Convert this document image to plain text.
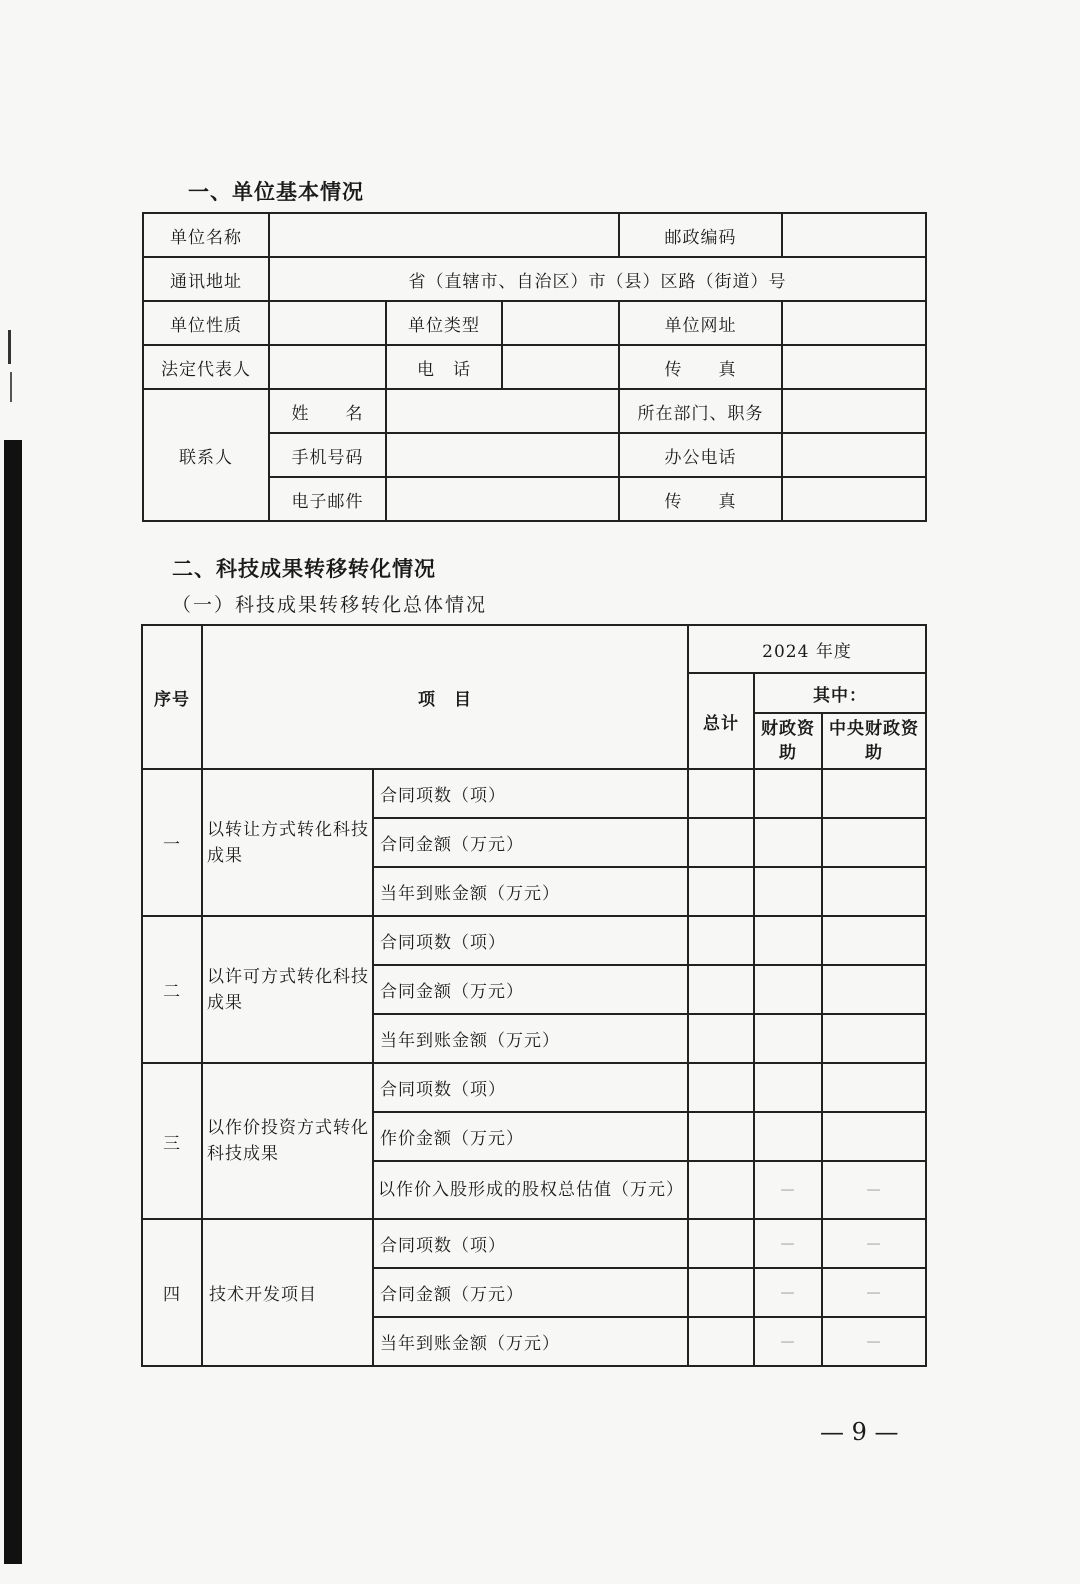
一、单位基本情况
单位名称				邮政编码	
通讯地址	省（直辖市、自治区）市（县）区路（街道）号				
单位性质		单位类型		单位网址	
法定代表人		电　话		传　　真	
联系人	姓　　名			所在部门、职务	
	手机号码			办公电话	
	电子邮件			传　　真	
二、科技成果转移转化情况
（一）科技成果转移转化总体情况
序号	项　目		2024 年度		
			总计	其中：	
				财政资助	中央财政资助
一	以转让方式转化科技成果	合同项数（项）			
		合同金额（万元）			
		当年到账金额（万元）			
二	以许可方式转化科技成果	合同项数（项）			
		合同金额（万元）			
		当年到账金额（万元）			
三	以作价投资方式转化科技成果	合同项数（项）			
		作价金额（万元）			
		以作价入股形成的股权总估值（万元）		—	—
四	技术开发项目	合同项数（项）		—	—
		合同金额（万元）		—	—
		当年到账金额（万元）		—	—
— 9 —
